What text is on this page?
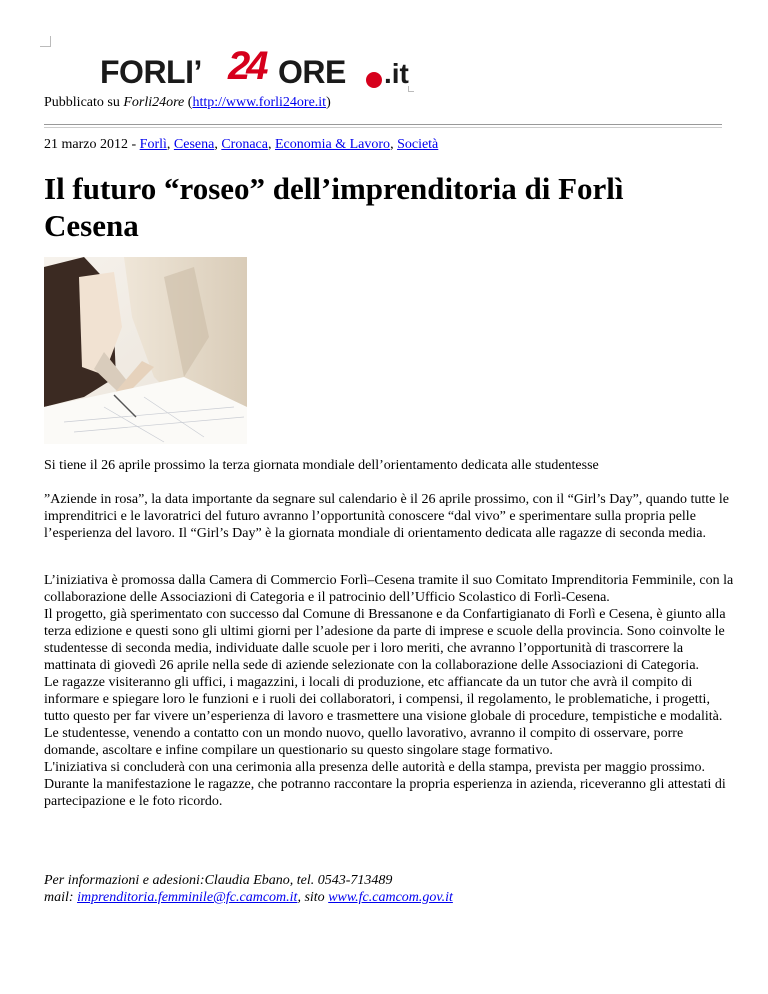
FORLI’ 24 ORE .it
Pubblicato su Forli24ore (http://www.forli24ore.it)
21 marzo 2012 - Forlì, Cesena, Cronaca, Economia & Lavoro, Società
Il futuro “roseo” dell’imprenditoria di Forlì Cesena

Si tiene il 26 aprile prossimo la terza giornata mondiale dell’orientamento dedicata alle studentesse

”Aziende in rosa”, la data importante da segnare sul calendario è il 26 aprile prossimo, con il “Girl’s Day”, quando tutte le imprenditrici e le lavoratrici del futuro avranno l’opportunità conoscere “dal vivo” e sperimentare sulla propria pelle l’esperienza del lavoro. Il “Girl’s Day” è la giornata mondiale di orientamento dedicata alle ragazze di seconda media.

L’iniziativa è promossa dalla Camera di Commercio Forlì–Cesena tramite il suo Comitato Imprenditoria Femminile, con la collaborazione delle Associazioni di Categoria e il patrocinio dell’Ufficio Scolastico di Forlì-Cesena.
Il progetto, già sperimentato con successo dal Comune di Bressanone e da Confartigianato di Forlì e Cesena, è giunto alla terza edizione e questi sono gli ultimi giorni per l’adesione da parte di imprese e scuole della provincia. Sono coinvolte le studentesse di seconda media, individuate dalle scuole per i loro meriti, che avranno l’opportunità di trascorrere la mattinata di giovedì 26 aprile nella sede di aziende selezionate con la collaborazione delle Associazioni di Categoria.
Le ragazze visiteranno gli uffici, i magazzini, i locali di produzione, etc affiancate da un tutor che avrà il compito di informare e spiegare loro le funzioni e i ruoli dei collaboratori, i compensi, il regolamento, le problematiche, i progetti, tutto questo per far vivere un’esperienza di lavoro e trasmettere una visione globale di procedure, tempistiche e modalità.
Le studentesse, venendo a contatto con un mondo nuovo, quello lavorativo, avranno il compito di osservare, porre domande, ascoltare e infine compilare un questionario su questo singolare stage formativo.
L'iniziativa si concluderà con una cerimonia alla presenza delle autorità e della stampa, prevista per maggio prossimo. Durante la manifestazione le ragazze, che potranno raccontare la propria esperienza in azienda, riceveranno gli attestati di partecipazione e le foto ricordo.
Per informazioni e adesioni:Claudia Ebano, tel. 0543-713489
mail: imprenditoria.femminile@fc.camcom.it, sito www.fc.camcom.gov.it
